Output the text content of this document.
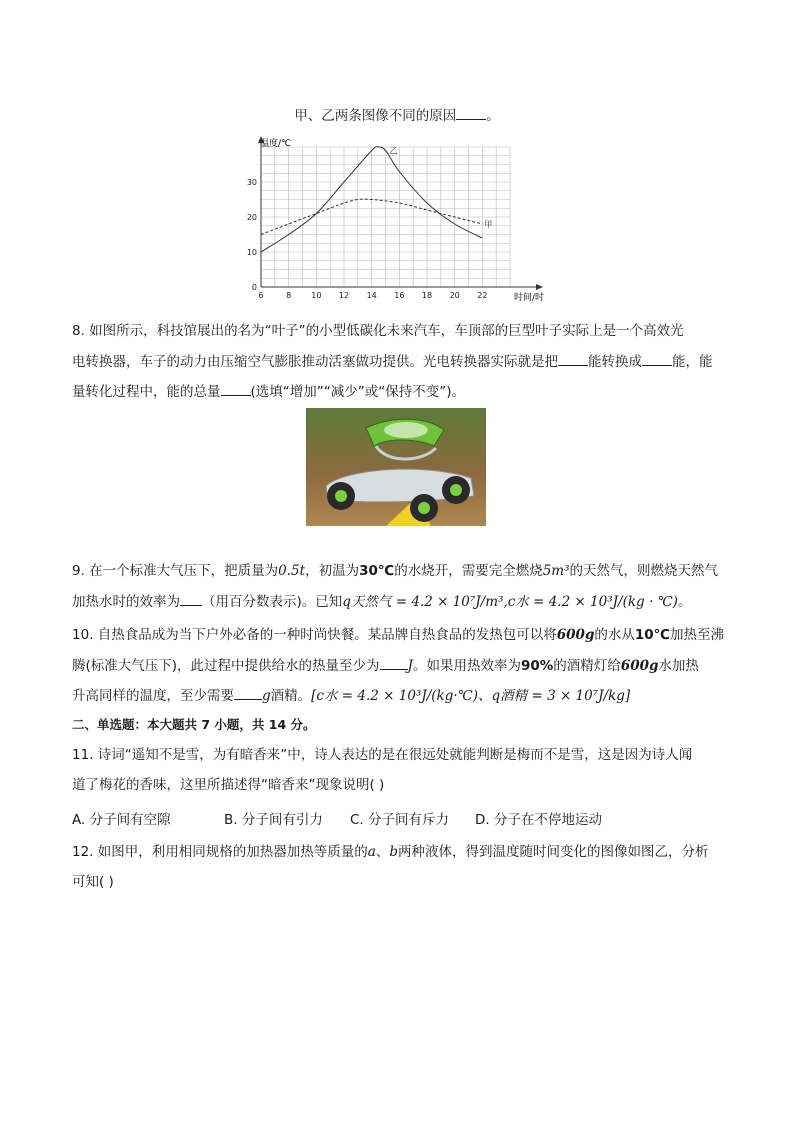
甲、乙两条图像不同的原因 。
6	8	10 12 14 16 18 20 22
0
10
20
30
乙
甲
温度/℃
时间/时
8. 如图所示，科技馆展出的名为“叶子”的小型低碳化未来汽车，车顶部的巨型叶子实际上是一个高效光
电转换器，车子的动力由压缩空气膨胀推动活塞做功提供。光电转换器实际就是把 能转换成 能，能
量转化过程中，能的总量 (选填“增加”“减少”或“保持不变”)。
9. 在一个标准大气压下，把质量为0.5t，初温为30℃的水烧开，需要完全燃烧5m³的天然气，则燃烧天然气
加热水时的效率为 （用百分数表示)。已知q天然气 = 4.2 × 10⁷J/m³,c水 = 4.2 × 10³J/(kg · ℃)。
10. 自热食品成为当下户外必备的一种时尚快餐。某品牌自热食品的发热包可以将600g的水从10℃加热至沸
腾(标准大气压下)，此过程中提供给水的热量至少为 J。如果用热效率为90%的酒精灯给600g水加热
升高同样的温度，至少需要 g酒精。[c水 = 4.2 × 10³J/(kg·℃)、q酒精 = 3 × 10⁷J/kg]
二、单选题：本大题共 7 小题，共 14 分。
11. 诗词“遥知不是雪，为有暗香来”中，诗人表达的是在很远处就能判断是梅而不是雪，这是因为诗人闻
道了梅花的香味，这里所描述得“暗香来”现象说明( )
A. 分子间有空隙	B. 分子间有引力 C. 分子间有斥力 D. 分子在不停地运动
12. 如图甲，利用相同规格的加热器加热等质量的a、b两种液体，得到温度随时间变化的图像如图乙，分析
可知( )
